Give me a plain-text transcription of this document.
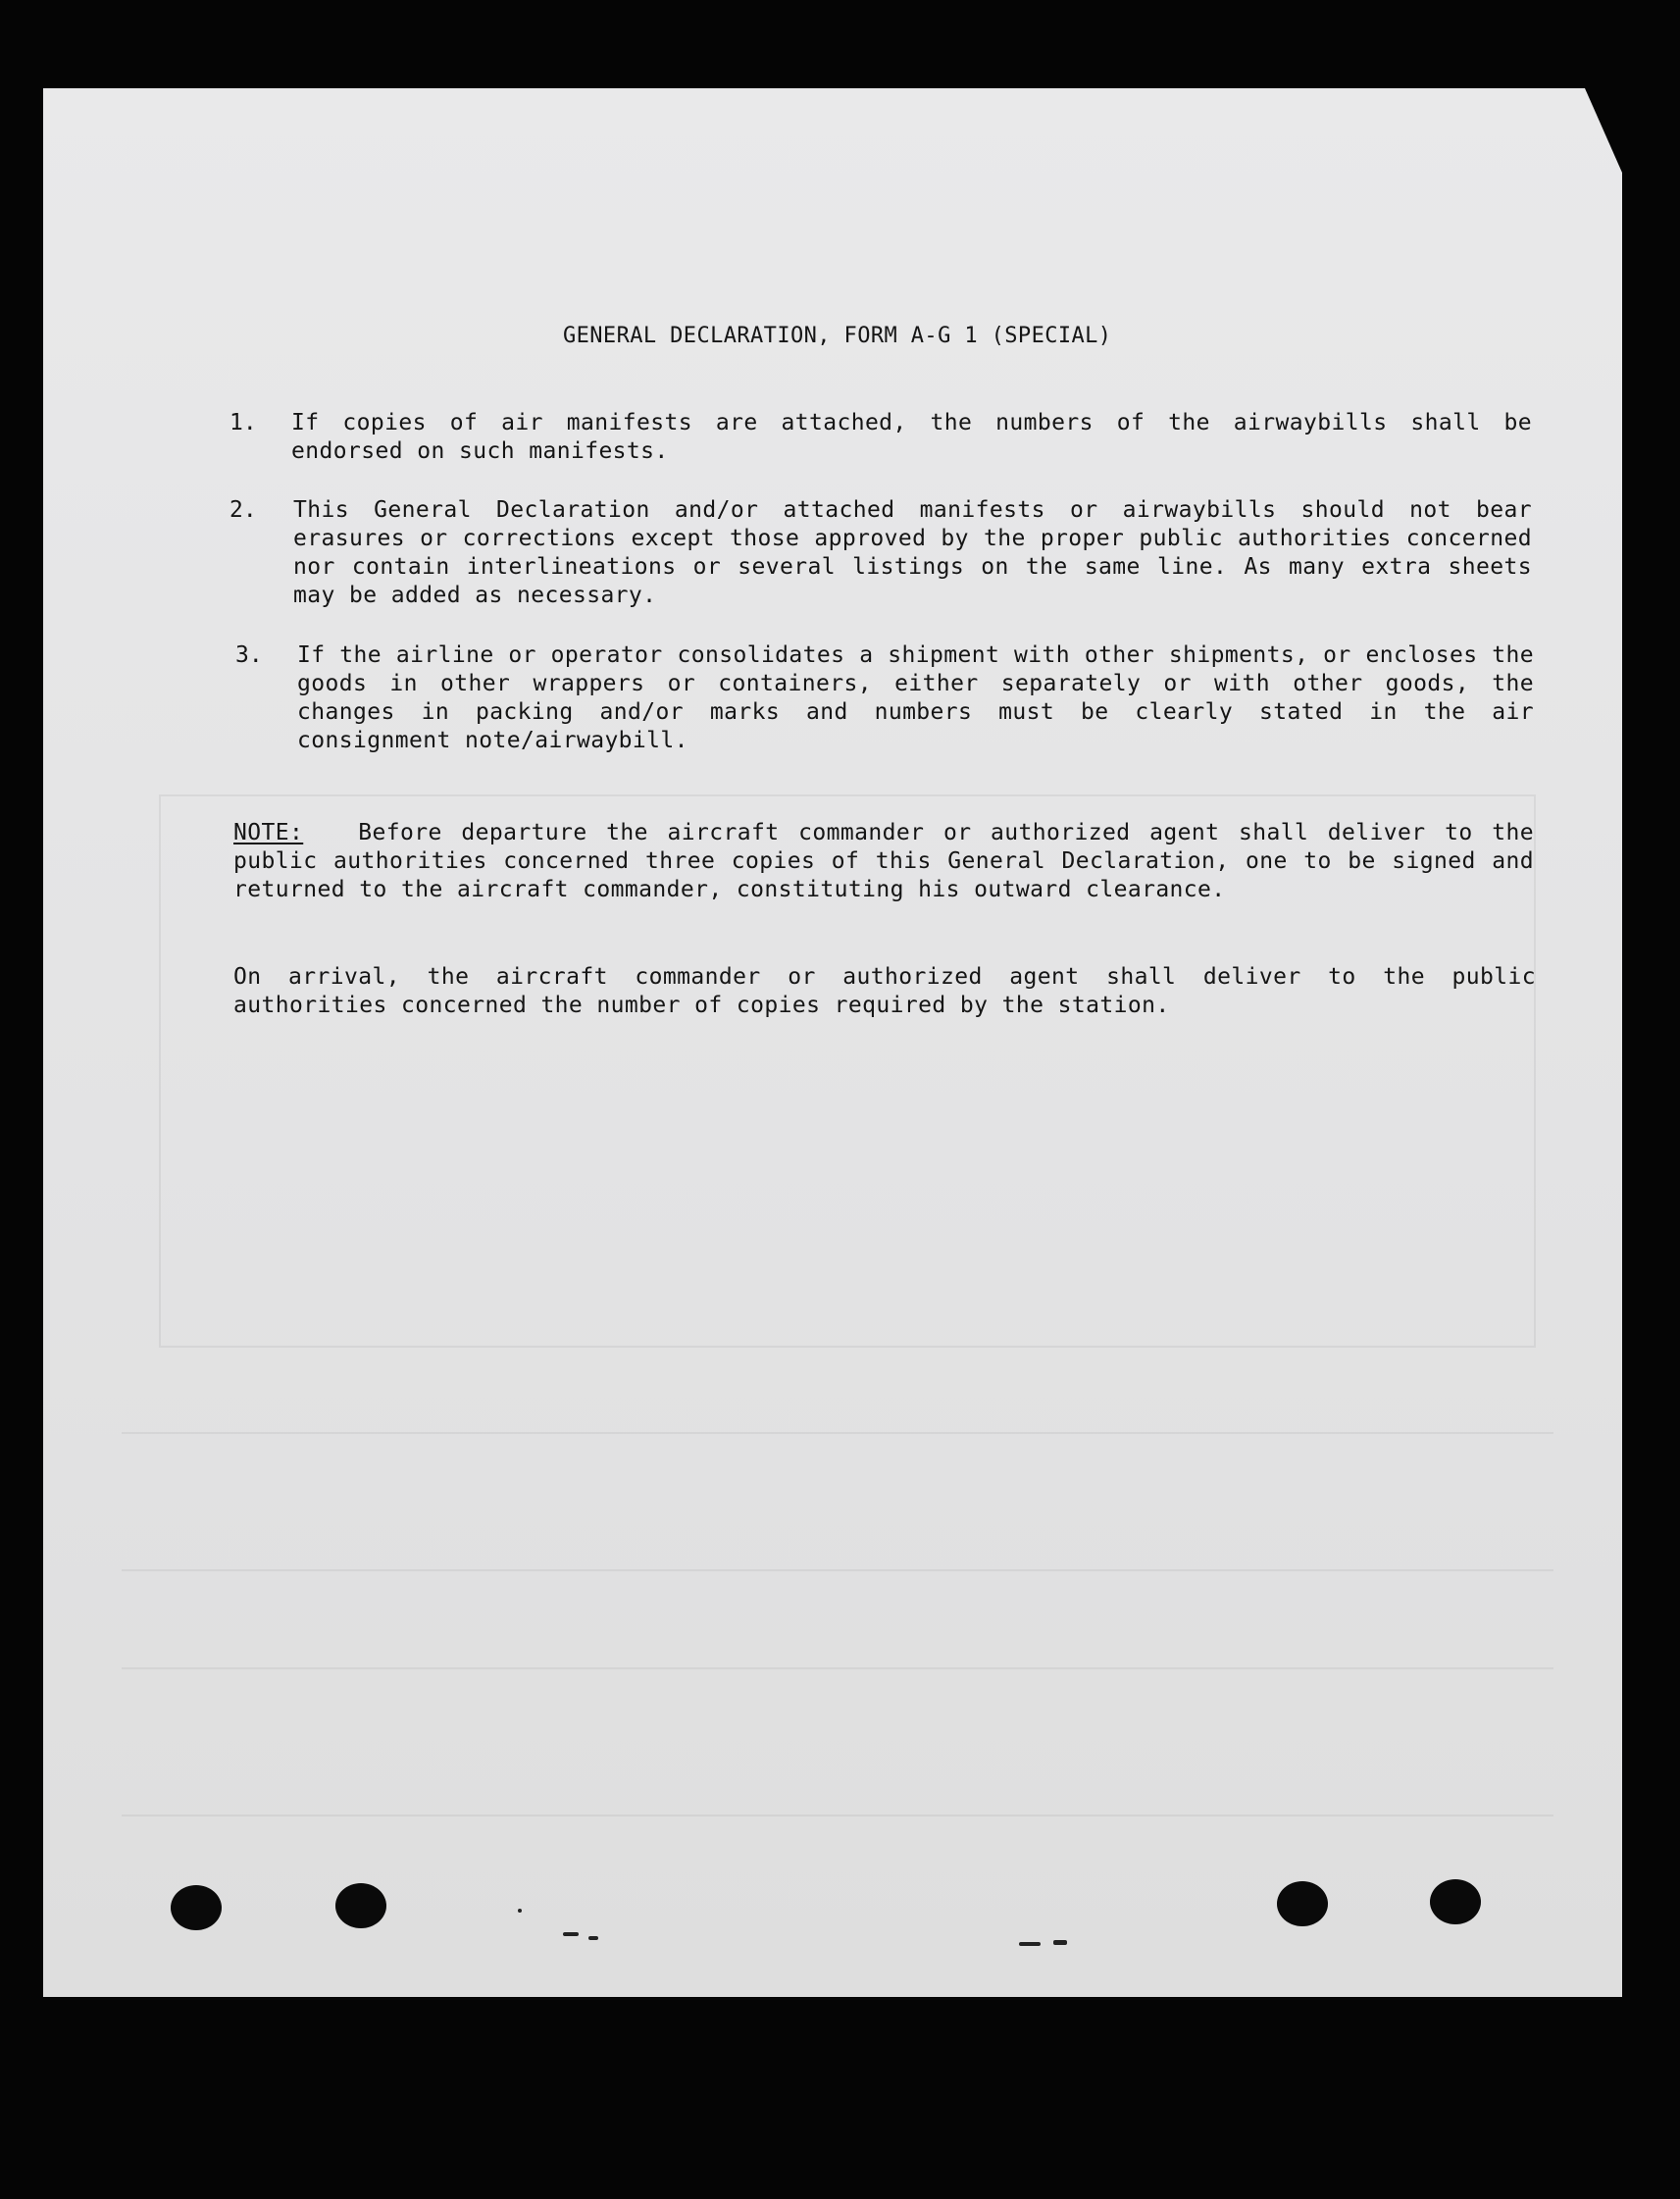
GENERAL DECLARATION, FORM A-G 1 (SPECIAL)

1. If copies of air manifests are attached, the numbers of the airwaybills shall be endorsed on such manifests.

2. This General Declaration and/or attached manifests or airwaybills should not bear erasures or corrections except those approved by the proper public authorities concerned nor contain interlineations or several listings on the same line. As many extra sheets may be added as necessary.

3. If the airline or operator consolidates a shipment with other shipments, or encloses the goods in other wrappers or containers, either separately or with other goods, the changes in packing and/or marks and numbers must be clearly stated in the air consignment note/airwaybill.

NOTE: Before departure the aircraft commander or authorized agent shall deliver to the public authorities concerned three copies of this General Declaration, one to be signed and returned to the aircraft commander, constituting his outward clearance.

On arrival, the aircraft commander or authorized agent shall deliver to the public authorities concerned the number of copies required by the station.
